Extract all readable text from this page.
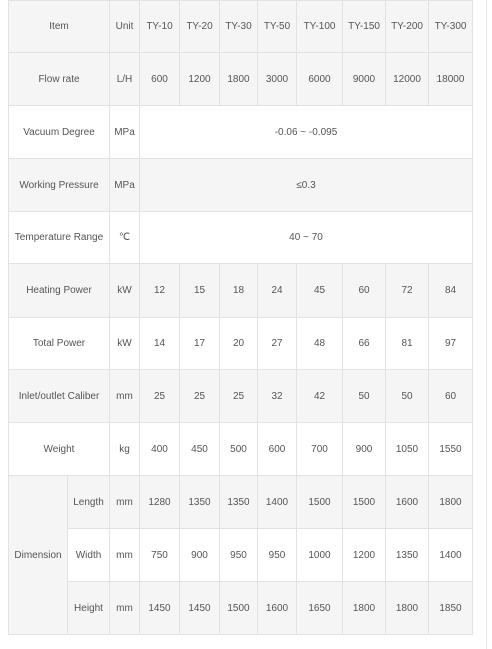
Item		Unit	TY-10	TY-20	TY-30	TY-50	TY-100	TY-150	TY-200	TY-300
Flow rate		L/H	600	1200	1800	3000	6000	9000	12000	18000
Vacuum Degree		MPa	-0.06 ~ -0.095							
Working Pressure		MPa	≤0.3							
Temperature Range		℃	40 ~ 70							
Heating Power		kW	12	15	18	24	45	60	72	84
Total Power		kW	14	17	20	27	48	66	81	97
Inlet/outlet Caliber		mm	25	25	25	32	42	50	50	60
Weight		kg	400	450	500	600	700	900	1050	1550
Dimension	Length	mm	1280	1350	1350	1400	1500	1500	1600	1800
	Width	mm	750	900	950	950	1000	1200	1350	1400
	Height	mm	1450	1450	1500	1600	1650	1800	1800	1850
